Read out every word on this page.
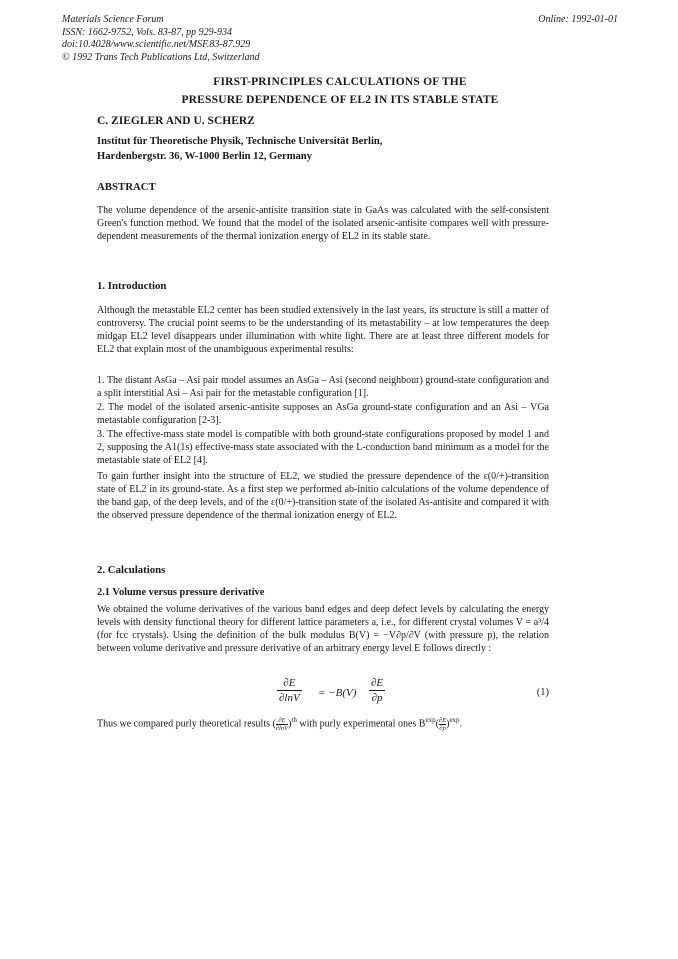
Materials Science Forum
ISSN: 1662-9752, Vols. 83-87, pp 929-934
doi:10.4028/www.scientific.net/MSF.83-87.929
© 1992 Trans Tech Publications Ltd, Switzerland
Online: 1992-01-01
FIRST-PRINCIPLES CALCULATIONS OF THE
PRESSURE DEPENDENCE OF EL2 IN ITS STABLE STATE
C. ZIEGLER AND U. SCHERZ
Institut für Theoretische Physik, Technische Universität Berlin,
Hardenbergstr. 36, W-1000 Berlin 12, Germany
ABSTRACT
The volume dependence of the arsenic-antisite transition state in GaAs was calculated with the self-consistent Green's function method. We found that the model of the isolated arsenic-antisite compares well with pressure-dependent measurements of the thermal ionization energy of EL2 in its stable state.
1. Introduction
Although the metastable EL2 center has been studied extensively in the last years, its structure is still a matter of controversy. The crucial point seems to be the understanding of its metastability – at low temperatures the deep midgap EL2 level disappears under illumination with white light. There are at least three different models for EL2 that explain most of the unambiguous experimental results:
1. The distant AsGa – Asi pair model assumes an AsGa – Asi (second neighbour) ground-state configuration and a split interstitial Asi – Asi pair for the metastable configuration [1].
2. The model of the isolated arsenic-antisite supposes an AsGa ground-state configuration and an Asi – VGa metastable configuration [2-3].
3. The effective-mass state model is compatible with both ground-state configurations proposed by model 1 and 2, supposing the A1(1s) effective-mass state associated with the L-conduction band minimum as a model for the metastable state of EL2 [4].
To gain further insight into the structure of EL2, we studied the pressure dependence of the ε(0/+)-transition state of EL2 in its ground-state. As a first step we performed ab-initio calculations of the volume dependence of the band gap, of the deep levels, and of the ε(0/+)-transition state of the isolated As-antisite and compared it with the observed pressure dependence of the thermal ionization energy of EL2.
2. Calculations
2.1 Volume versus pressure derivative
We obtained the volume derivatives of the various band edges and deep defect levels by calculating the energy levels with density functional theory for different lattice parameters a, i.e., for different crystal volumes V = a³/4 (for fcc crystals). Using the definition of the bulk modulus B(V) = −V∂p/∂V (with pressure p), the relation between volume derivative and pressure derivative of an arbitrary energy level E follows directly :
$\frac{\partial E}{\partial\ln V} = -B(V) \frac{\partial E}{\partial p}$	(1)
Thus we compared purly theoretical results ( $\frac{\partial E}{\partial\ln V} )^{th}$ with purly experimental ones $B^{exp}( \frac{\partial E}{\partial p} )^{exp}$.
